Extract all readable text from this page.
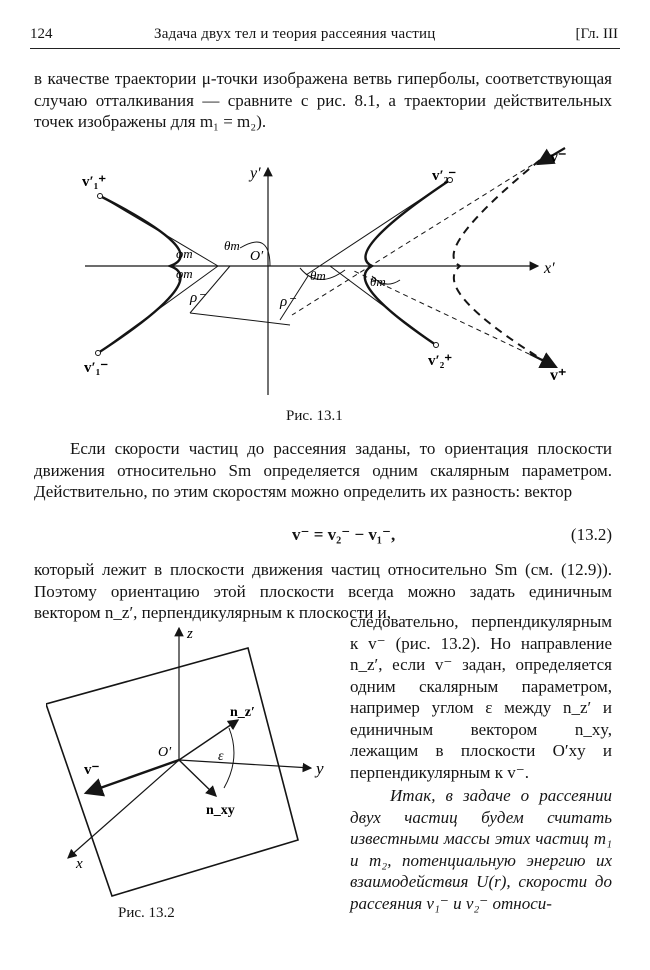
124	Задача двух тел и теория рассеяния частиц	[Гл. III
в качестве траектории μ-точки изображена ветвь гиперболы, соответствующая случаю отталкивания — сравните с рис. 8.1, а траектории действительных точек изображены для m₁ = m₂).
y′
x′
O′
v′₁⁺
v′₁⁻
v′₂⁻
v′₂⁺
v⁻
v⁺
θm
θm	θm
φm
φm
ρ⁻	ρ⁻
Рис. 13.1
Если скорости частиц до рассеяния заданы, то ориентация плоскости движения относительно Sm определяется одним скалярным параметром. Действительно, по этим скоростям можно определить их разность: вектор
v⁻ = v₂⁻ − v₁⁻,	(13.2)
который лежит в плоскости движения частиц относительно Sm (см. (12.9)). Поэтому ориентацию этой плоскости всегда можно задать единичным вектором n_z′, перпендикулярным к плоскости и,
z
y
x
O′
n_z′
n_xy
ε
v⁻
Рис. 13.2
следовательно, перпендикулярным к v⁻ (рис. 13.2). Но направление n_z′, если v⁻ задан, определяется одним скалярным параметром, например углом ε между n_z′ и единичным вектором n_xy, лежащим в плоскости O′xy и перпендикулярным к v⁻.
Итак, в задаче о рассеянии двух частиц будем считать известными массы этих частиц m₁ и m₂, потенциальную энергию их взаимодействия U(r), скорости до рассеяния v₁⁻ и v₂⁻ относи-
